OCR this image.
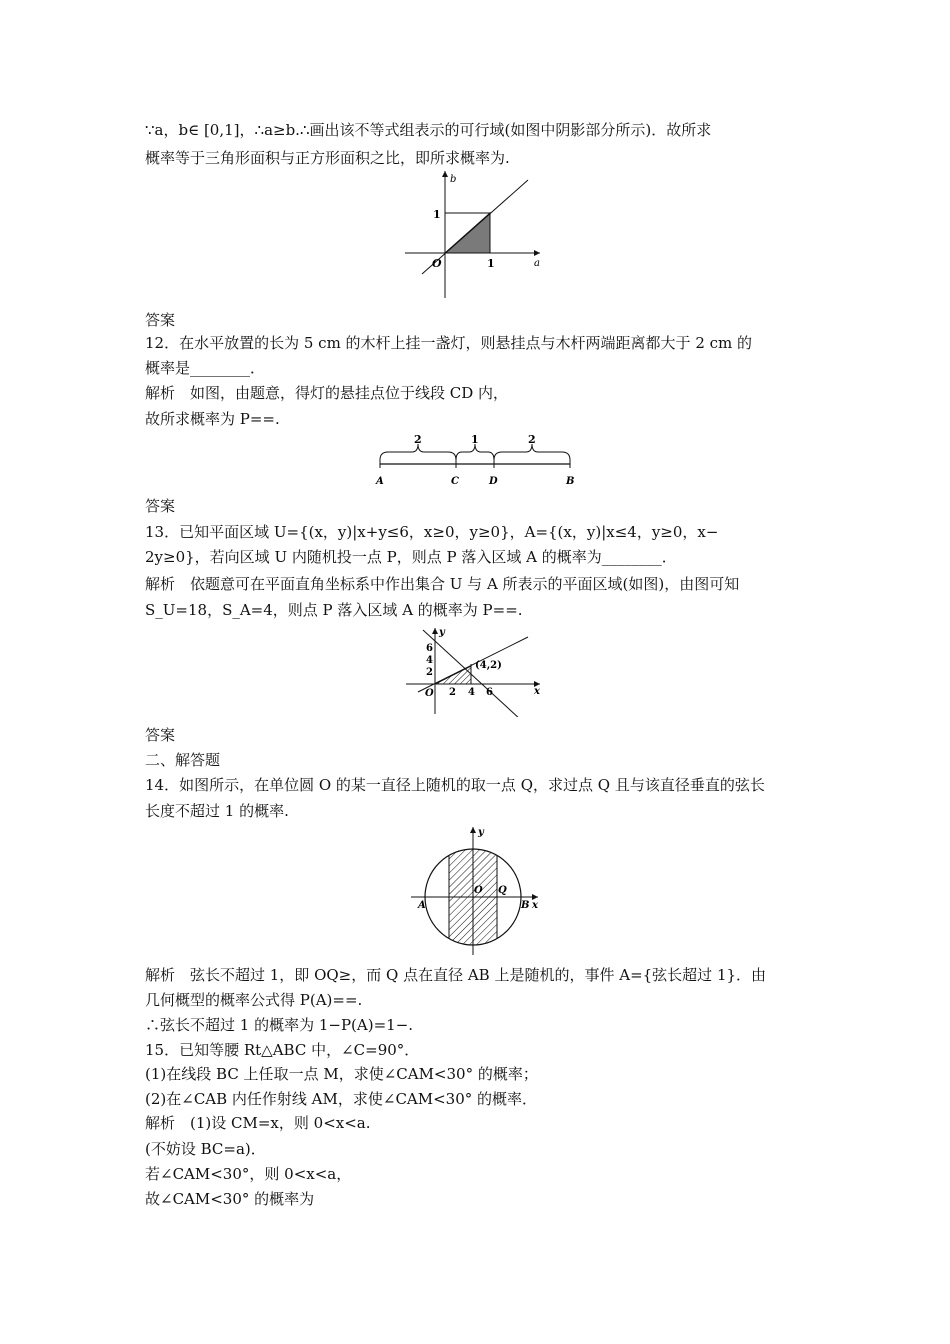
∵a，b∈ [0,1]，∴a≥b.∴画出该不等式组表示的可行域(如图中阴影部分所示)．故所求
概率等于三角形面积与正方形面积之比，即所求概率为.
b
a
O
1
1
答案
12．在水平放置的长为 5 cm 的木杆上挂一盏灯，则悬挂点与木杆两端距离都大于 2 cm 的
概率是________．
解析　如图，由题意，得灯的悬挂点位于线段 CD 内，
故所求概率为 P==.
2	1	2
A	C	D	B
答案
13．已知平面区域 U={(x，y)|x+y≤6，x≥0，y≥0}，A={(x，y)|x≤4，y≥0，x−
2y≥0}，若向区域 U 内随机投一点 P，则点 P 落入区域 A 的概率为________．
解析　依题意可在平面直角坐标系中作出集合 U 与 A 所表示的平面区域(如图)，由图可知
S_U=18，S_A=4，则点 P 落入区域 A 的概率为 P==.
y
x
O
6
4
2
2 4 6
(4,2)
答案
二、解答题
14．如图所示，在单位圆 O 的某一直径上随机的取一点 Q，求过点 Q 且与该直径垂直的弦长
长度不超过 1 的概率.
y
x
A	B
O Q
解析　弦长不超过 1，即 OQ≥，而 Q 点在直径 AB 上是随机的，事件 A={弦长超过 1}．由
几何概型的概率公式得 P(A)==.
∴弦长不超过 1 的概率为 1−P(A)=1−.
15．已知等腰 Rt△ABC 中，∠C=90°．
(1)在线段 BC 上任取一点 M，求使∠CAM<30° 的概率；
(2)在∠CAB 内任作射线 AM，求使∠CAM<30° 的概率．
解析　(1)设 CM=x，则 0<x<a.
(不妨设 BC=a)．
若∠CAM<30°，则 0<x<a，
故∠CAM<30° 的概率为
